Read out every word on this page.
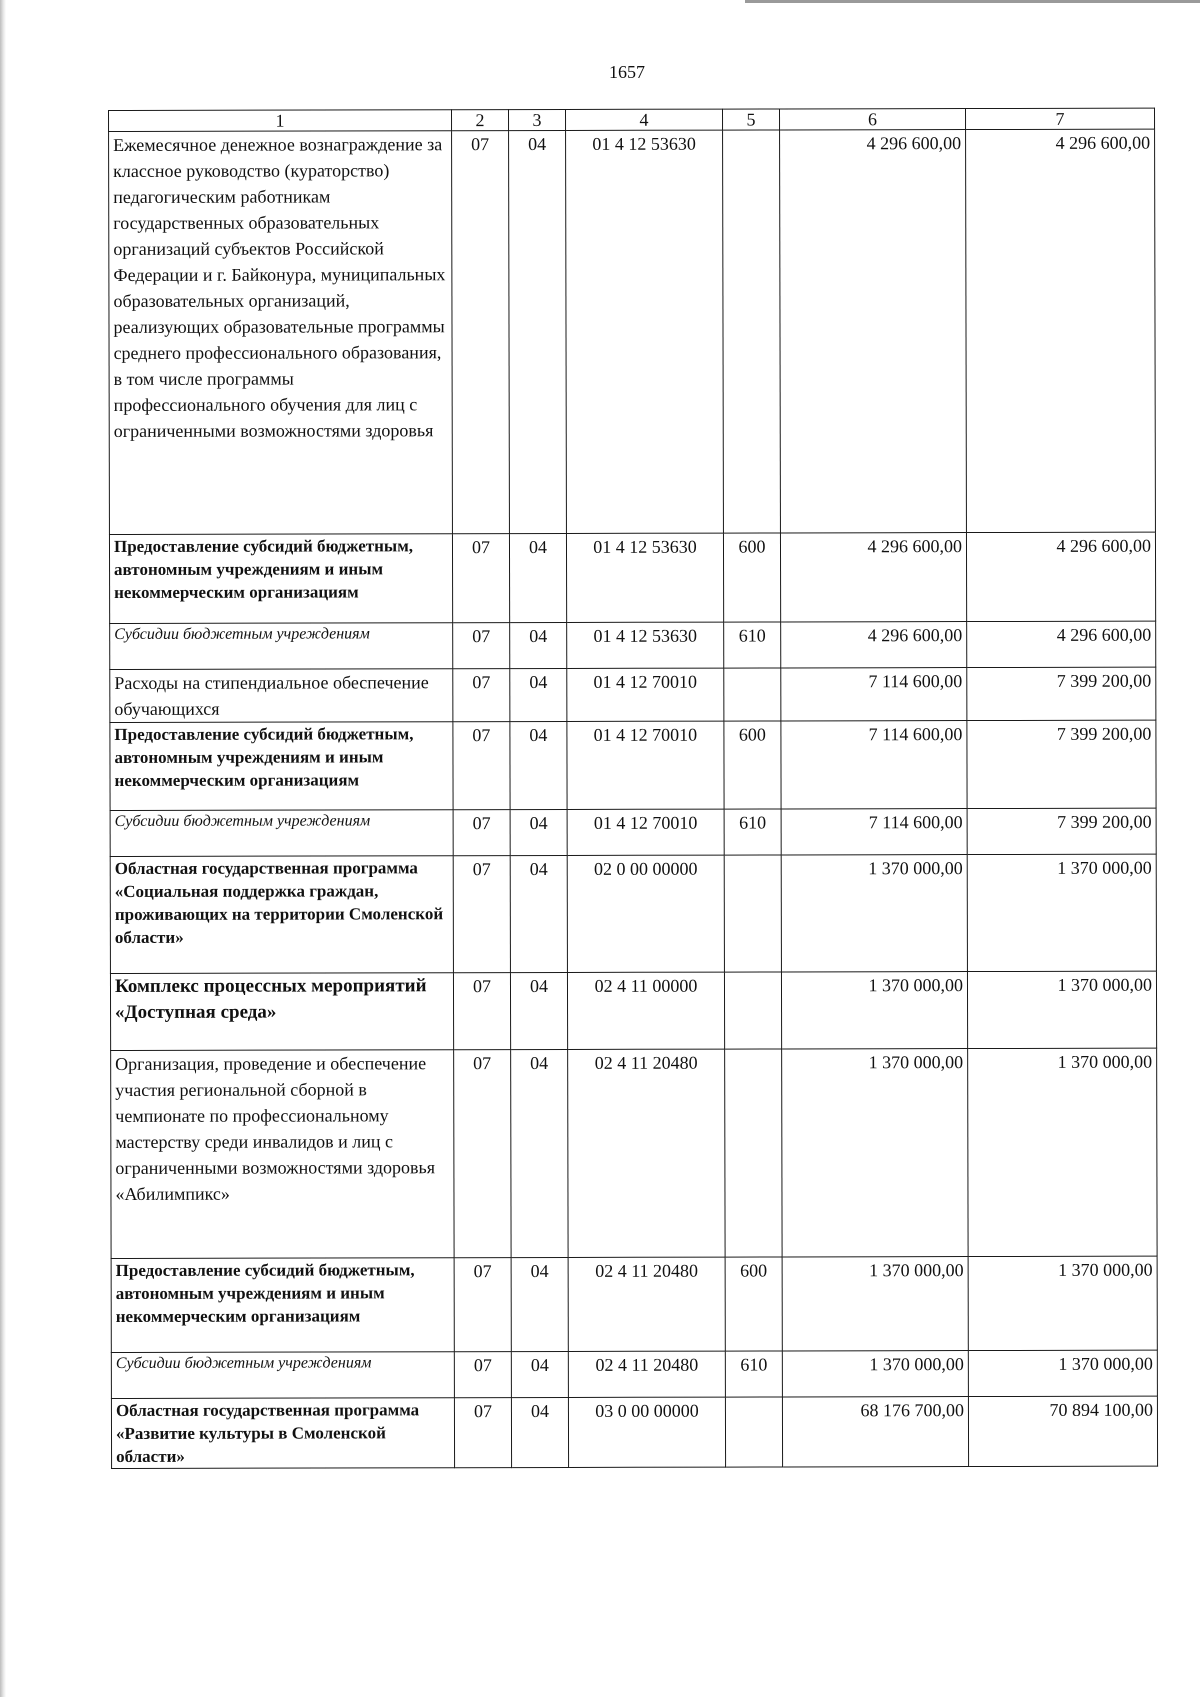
1657
1	2	3	4	5	6	7
Ежемесячное денежное вознаграждение за классное руководство (кураторство) педагогическим работникам государственных образовательных организаций субъектов Российской Федерации и г. Байконура, муниципальных образовательных организаций, реализующих образовательные программы среднего профессионального образования, в том числе программы профессионального обучения для лиц с ограниченными возможностями здоровья	07	04	01 4 12 53630		4 296 600,00	4 296 600,00
Предоставление субсидий бюджетным, автономным учреждениям и иным некоммерческим организациям	07	04	01 4 12 53630	600	4 296 600,00	4 296 600,00
Субсидии бюджетным учреждениям	07	04	01 4 12 53630	610	4 296 600,00	4 296 600,00
Расходы на стипендиальное обеспечение обучающихся	07	04	01 4 12 70010		7 114 600,00	7 399 200,00
Предоставление субсидий бюджетным, автономным учреждениям и иным некоммерческим организациям	07	04	01 4 12 70010	600	7 114 600,00	7 399 200,00
Субсидии бюджетным учреждениям	07	04	01 4 12 70010	610	7 114 600,00	7 399 200,00
Областная государственная программа «Социальная поддержка граждан, проживающих на территории Смоленской области»	07	04	02 0 00 00000		1 370 000,00	1 370 000,00
Комплекс процессных мероприятий «Доступная среда»	07	04	02 4 11 00000		1 370 000,00	1 370 000,00
Организация, проведение и обеспечение участия региональной сборной в чемпионате по профессиональному мастерству среди инвалидов и лиц с ограниченными возможностями здоровья «Абилимпикс»	07	04	02 4 11 20480		1 370 000,00	1 370 000,00
Предоставление субсидий бюджетным, автономным учреждениям и иным некоммерческим организациям	07	04	02 4 11 20480	600	1 370 000,00	1 370 000,00
Субсидии бюджетным учреждениям	07	04	02 4 11 20480	610	1 370 000,00	1 370 000,00
Областная государственная программа «Развитие культуры в Смоленской области»	07	04	03 0 00 00000		68 176 700,00	70 894 100,00
